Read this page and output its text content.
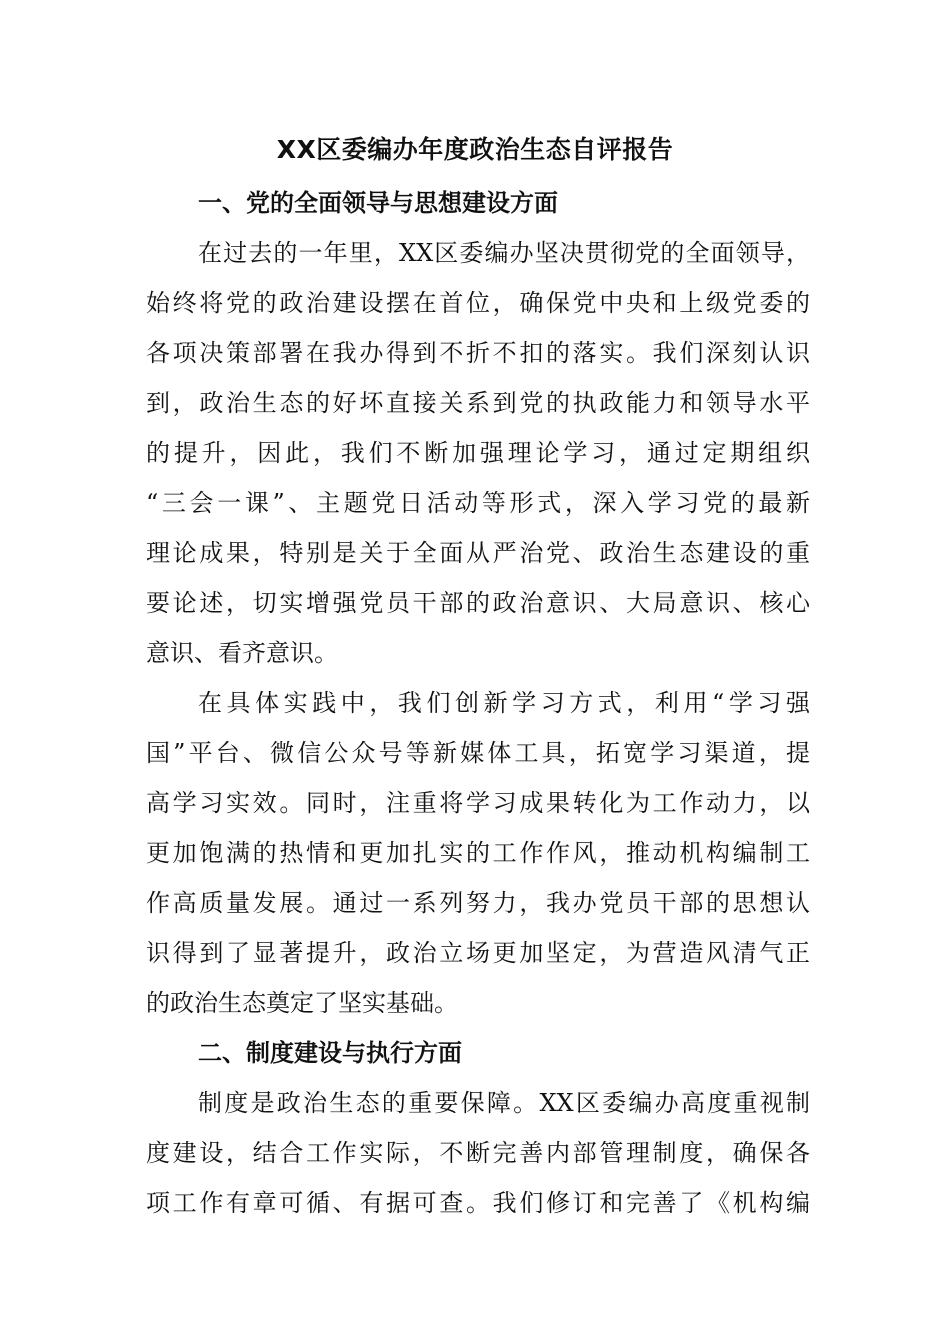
XX区委编办年度政治生态自评报告
一、党的全面领导与思想建设方面
在过去的一年里，XX区委编办坚决贯彻党的全面领导，
始终将党的政治建设摆在首位，确保党中央和上级党委的
各项决策部署在我办得到不折不扣的落实。我们深刻认识
到，政治生态的好坏直接关系到党的执政能力和领导水平
的提升，因此，我们不断加强理论学习，通过定期组织
“三会一课”、主题党日活动等形式，深入学习党的最新
理论成果，特别是关于全面从严治党、政治生态建设的重
要论述，切实增强党员干部的政治意识、大局意识、核心
意识、看齐意识。
在具体实践中，我们创新学习方式，利用“学习强
国”平台、微信公众号等新媒体工具，拓宽学习渠道，提
高学习实效。同时，注重将学习成果转化为工作动力，以
更加饱满的热情和更加扎实的工作作风，推动机构编制工
作高质量发展。通过一系列努力，我办党员干部的思想认
识得到了显著提升，政治立场更加坚定，为营造风清气正
的政治生态奠定了坚实基础。
二、制度建设与执行方面
制度是政治生态的重要保障。XX区委编办高度重视制
度建设，结合工作实际，不断完善内部管理制度，确保各
项工作有章可循、有据可查。我们修订和完善了《机构编
